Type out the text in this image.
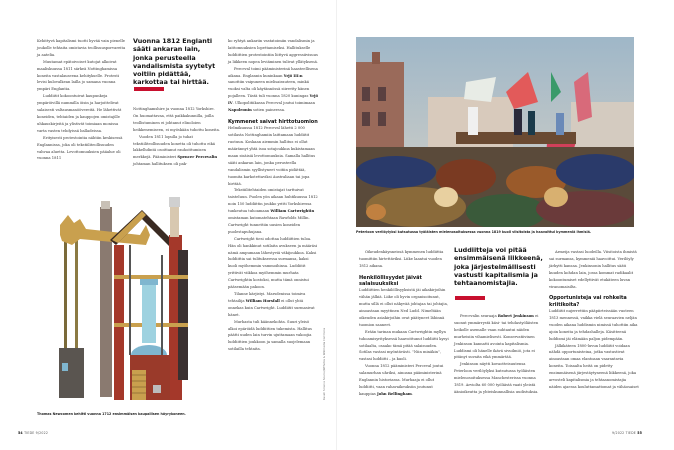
Kehittyvä kapitalismi tuotti hyvää vain pienelle joukolle tehtaita omistavia teollisuusporvareita ja aatelia.

Muutamat epätoivoiset kutojat alkoivat maaliskuussa 1811 särkeä Nottinghamissa koneita vastalauseena kehitykselle. Protesti levisi kulovalkean lailla jo samana vuonna ympäri Englantia.

Luddiitit kokoontuivat kaupunkeja ympäröivillä nummilla öisin ja harjoittelivat salaisesti valtausmanöövereitä. He lähettivät koneiden, tehtaiden ja kauppojen omistajille uhkauskirjeitä ja ylistivät toimiaan monissa varta vasten tehdyissä balladeissa.

Erityisesti protestointia nähtiin keskisessä Englannissa, joka oli tekstiiliteollisuuden vahvaa aluetta. Levottomuuksien pääalue oli vuonna 1811

Vuonna 1812 Englanti sääti ankaran lain, jonka perusteella vandalismista syytetyt voitiin pidättää, karkottaa tai hirttää.

Nottinghamshire ja vuonna 1812 Yorkshire. On huomattavaa, että paikkakunnilla, joilla teollistuminen ei johtanut elinoloien heikkenemiseen, ei myöskään tuhottu koneita.

Vuoden 1811 lopulla jo tuhat tekstiiliteollisuuden konetta oli tuhottu eikä lakkelhdintä osoittanut rauhoittumisen merkkejä. Pääministeri Spencer Percevalin johtaman hallituksen oli pak-

ko ryhtyä ankariin vastatoimiin vandalismin ja laittomuuksien lopettamiseksi. Hallitukselle luddiittien protestointiin liittyvä aggressiivisuus ja liikkeen nopea leviäminen tulivat yllätyksenä.

Perceval toimi pääministerinä haasteellisena aikana. Englannin kuninkaan Yrjö III:n sanottiin vaipuneen mielisairauteen, minkä vuoksi valta oli käytännössä siirretty hänen pojalleen. Tästä tuli vuonna 1820 kuningas Yrjö IV. Ulkopolitiikassa Perceval joutui toimimaan Napoleonin sotien paineessa.

Kymmenet saivat hirttotuomion

Helmikuussa 1812 Perceval lähetti 2 000 sotilasta Nottinghamiin laittamaan luddiitit ruotuun. Koskaan aiemmin hallitus ei ollut määrännyt yhtä isoa sotajoukkoa kukistamaan maan sisäisiä levottomuuksia. Samalla hallitus sääti ankaran lain, jonka perusteella vandalismin syyllistyneet voitiin pidättää, tuomita karkotettaviksi Australiaan tai jopa hirttää.

Tekstiilitehtaiden omistajat tarttuivat taisteluun. Puolen yön aikaan huhtikuussa 1812 noin 150 luddiittin joukko yritti Yorkshiressa tunkeutua tuhoamaan William Cartwrightin omistaman kutomatehtaan Rawfolds Millin. Cartwright tunnettiin uusien koneiden puolestapuhujana.

Cartwright tiesi odottaa luddiittien tuloa. Hän oli hankkinut sotilaita avukseen ja määräsi nämä ampumaan lähestyviä väkijoukkoa. Kaksi luddiittia sai tulitukseessa surmansa, kaksi kuoli myöhemmin vammoihinsa. Luddiitit yrittivät viikkoa myöhemmin murhata Cartwrightin kostoksi, mutta tämä onnistui pääsemään pakoon.

Tilanne kärjistyi. Marsdenissa toimiva tehtailija William Horsfall ei ollut yhtä onnekas kuin Cartwright. Luddiitit surmasivat hänet.

Murhasta tuli käännekohta. Suuri yleisö alkoi epäröidä luddiittien tukemista. Hallitus päätti uuden lain turvin ujuttamaan vakoojia luddiittien joukkoon ja samalla suojelemaan sotilailla tehtaita.	Kuvat: Science Source/WPhotos & Wikimedia Commons
Thomas Newcomen kehitti vuonna 1712 ensimmäisen kaupallisen höyrykoneen.
54 TIEDE 9/2022
Peterloon verilöylyksi kutsutussa työläisten mielenosoituksessa vuonna 1819 kuoli viisitoista ja haavoittui kymmeniä ihmisiä.

Oikeudenkäynneissä kymmenen luddiittia tuomittiin hirtettäviksi. Liike laantui vuoden 1812 aikana.

Henkilöllisyydet jäivät salaisuuksiksi

Luddiittien henkilöllisyyksistä jäi aikakirjoihin vähän jälkiä. Liike oli hyvin organisoitunut, mutta sillä ei ollut näkyvää johtajaa tai johtajia, ainoastaan myyttinen Ned Ludd. Nimeltään oikeuden asiakirjoihin ovat päätyneet lähinnä tuomion saaneet.

Erään tarinan mukaan Cartwrightin myllyn tuhoamisyrityksessä haavoittunut luddiitti kysyi sotilaalta, osaako tämä pitää salaisuuden. Sotilas vastasi myöntävästi. ”Niin minäkin”, vastasi luddiitti – ja kuoli.

Vuonna 1812 pääministeri Perceval joutui salamurhan uhriksi, ainoana pääministerinä Englannin historiassa. Murhaaja ei ollut luddiitti, vaan rahavaikeuksiin joutunut kauppias John Bellingham.

Luddiitteja voi pitää ensimmäisenä liikkeenä, joka järjestelmällisesti vastusti kapitalismia ja tehtaanomistajia.

Percevalin seuraaja Robert Jenkinson ei suonut ymmärrystä käsi- tai tehdastyöläisten heikolle asemalle vaan suhtautui näiden murheisiin vihamielisesti. Konservatiivinen Jenkinson kannatti avointa kapitalismia. Luddismi oli hänelle ikävä sivuilmiö, jota ei pitänyt suvaita eikä ymmärtää.

Jenkinson näytti kovaotteisuutensa Peterloon verilöylyksi kutsutussa työläisten mielenosoituksessa Manchesterissa vuonna 1819. Arviolta 60 000 työläistä vaati yleistä äänioikeutta ja yhteiskunnallisia uudistuksia.

Armeija vastasi luodeilla. Viisitoista ihmistä sai surmansa, kymmeniä haavoittui. Verilöyly järkytti kansaa. Jenkinsonin hallitus sääti kuuden kohdan lain, jossa kommat radikaalit kokoontumiset edellyttivät etukäteen luvan viranomaisilta.

Opportunisteja vai rohkeita kriitikoita?

Luddiitit nujerrettiin pääpiirteissään vuoteen 1813 mennessä, vaikka vielä seuraavien neljän vuoden aikana luddismin nimissä tuhottiin aika ajoin koneita ja tehdashalleja. Käsitteenä luddismi jäi elämään paljon pidempään.

Jälkikäteen 1800-luvun luddiitit voidaan nähdä opportunisteina, jotka vastustivat ainoastaan omaa elantoaan vaarantavia koneita. Toisaalta heitä on pidetty ensimmäisenä järjestäytyneenä liikkeenä, joka arvosteli kapitalismia ja tehtaanomistajia näiden ajaessa kouluttamattomat ja vähäosaiset

9/2022 TIEDE 55
